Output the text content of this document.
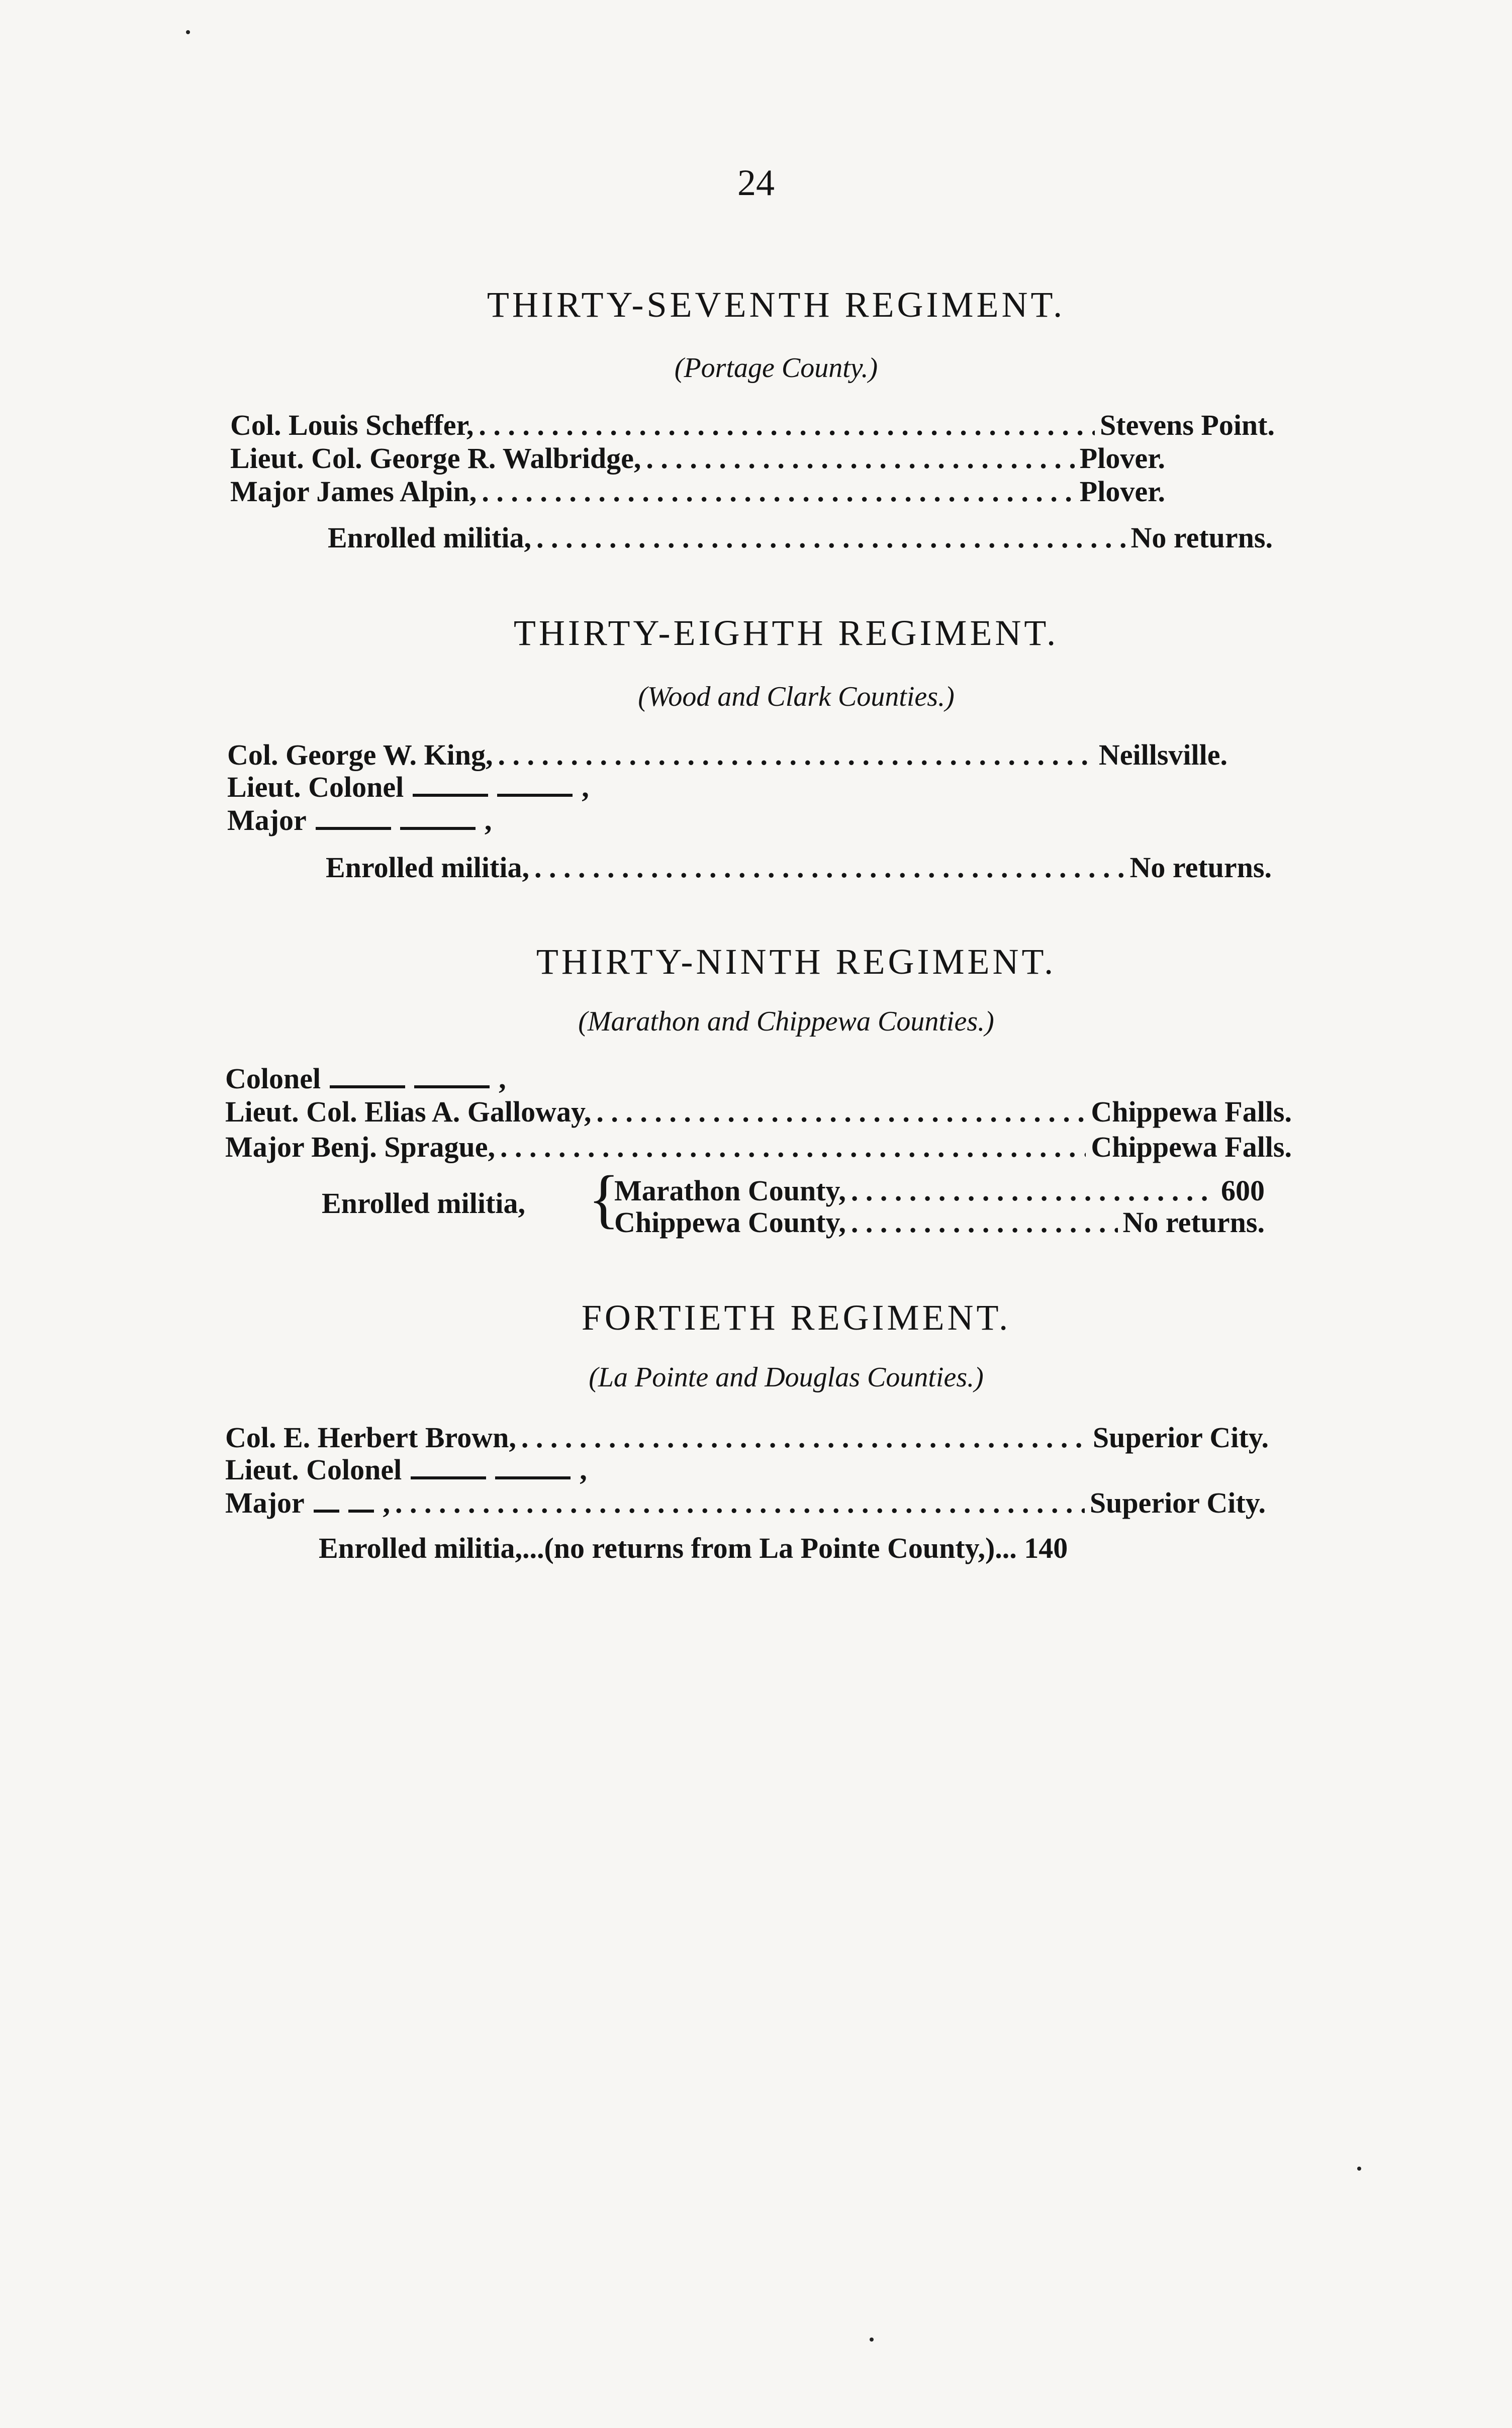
24
THIRTY-SEVENTH REGIMENT.
(Portage County.)
Col. Louis Scheffer, . . .	Stevens Point.
Lieut. Col. George R. Walbridge, . . .	Plover.
Major James Alpin, . . .	Plover.
Enrolled militia, . . .	No returns.
THIRTY-EIGHTH REGIMENT.
(Wood and Clark Counties.)
Col. George W. King, . . .	Neillsville.
Lieut. Colonel	,
Major	,
Enrolled militia, . . .	No returns.
THIRTY-NINTH REGIMENT.
(Marathon and Chippewa Counties.)
Colonel	,
Lieut. Col. Elias A. Galloway, . . .	Chippewa Falls.
Major Benj. Sprague, . . .	Chippewa Falls.
Enrolled militia, {
Marathon County, . . .	600
Chippewa County, . . .	No returns.
FORTIETH REGIMENT.
(La Pointe and Douglas Counties.)
Col. E. Herbert Brown, . . .	Superior City.
Lieut. Colonel	,
Major	, . . .	Superior City.
Enrolled militia,...(no returns from La Pointe County,)... 140
